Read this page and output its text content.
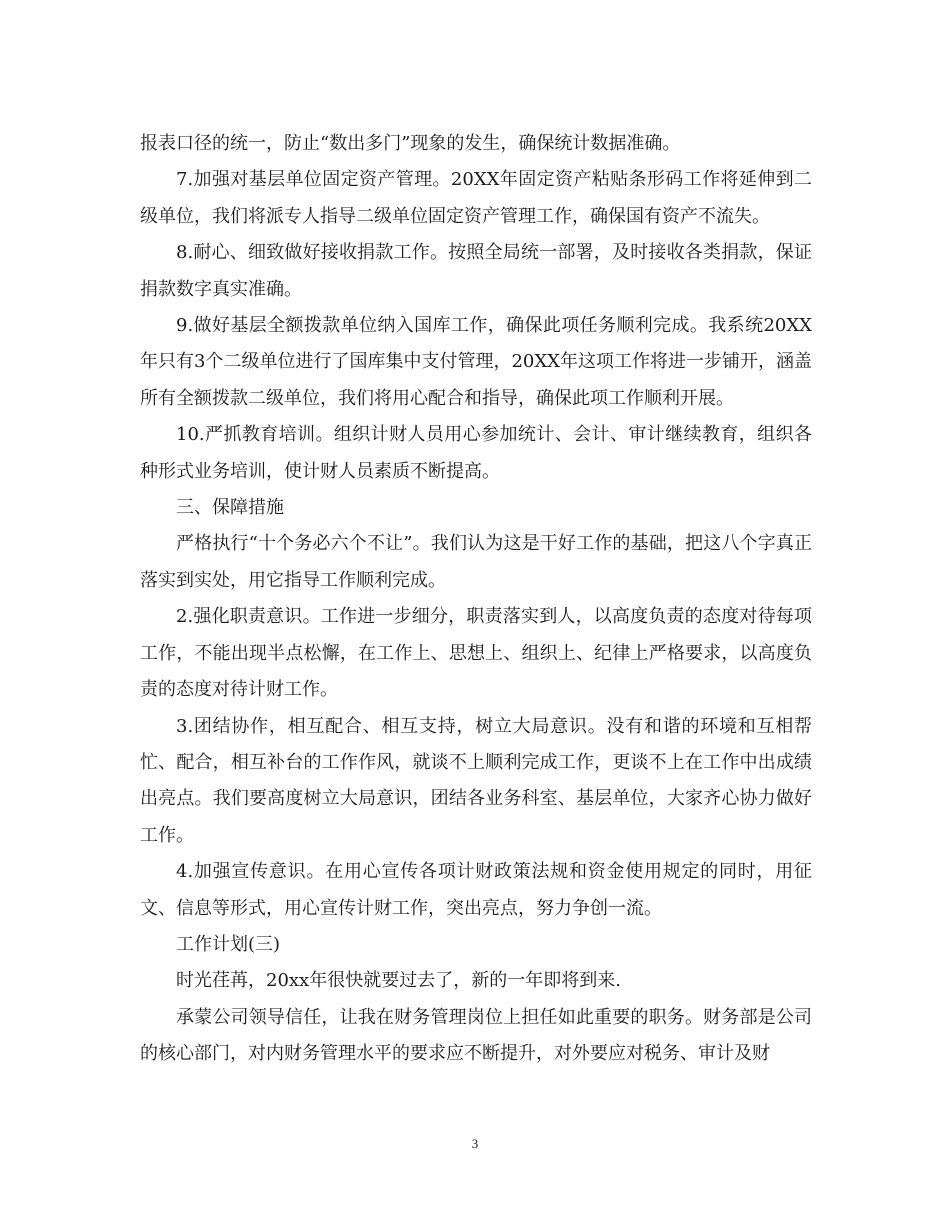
报表口径的统一，防止“数出多门”现象的发生，确保统计数据准确。

7.加强对基层单位固定资产管理。20XX年固定资产粘贴条形码工作将延伸到二级单位，我们将派专人指导二级单位固定资产管理工作，确保国有资产不流失。

8.耐心、细致做好接收捐款工作。按照全局统一部署，及时接收各类捐款，保证捐款数字真实准确。

9.做好基层全额拨款单位纳入国库工作，确保此项任务顺利完成。我系统20XX年只有3个二级单位进行了国库集中支付管理，20XX年这项工作将进一步铺开，涵盖所有全额拨款二级单位，我们将用心配合和指导，确保此项工作顺利开展。

10.严抓教育培训。组织计财人员用心参加统计、会计、审计继续教育，组织各种形式业务培训，使计财人员素质不断提高。

三、保障措施

严格执行“十个务必六个不让”。我们认为这是干好工作的基础，把这八个字真正落实到实处，用它指导工作顺利完成。

2.强化职责意识。工作进一步细分，职责落实到人，以高度负责的态度对待每项工作，不能出现半点松懈，在工作上、思想上、组织上、纪律上严格要求，以高度负责的态度对待计财工作。

3.团结协作，相互配合、相互支持，树立大局意识。没有和谐的环境和互相帮忙、配合，相互补台的工作作风，就谈不上顺利完成工作，更谈不上在工作中出成绩出亮点。我们要高度树立大局意识，团结各业务科室、基层单位，大家齐心协力做好工作。

4.加强宣传意识。在用心宣传各项计财政策法规和资金使用规定的同时，用征文、信息等形式，用心宣传计财工作，突出亮点，努力争创一流。

工作计划(三)

时光荏苒，20xx年很快就要过去了，新的一年即将到来.

承蒙公司领导信任，让我在财务管理岗位上担任如此重要的职务。财务部是公司的核心部门，对内财务管理水平的要求应不断提升，对外要应对税务、审计及财

3
